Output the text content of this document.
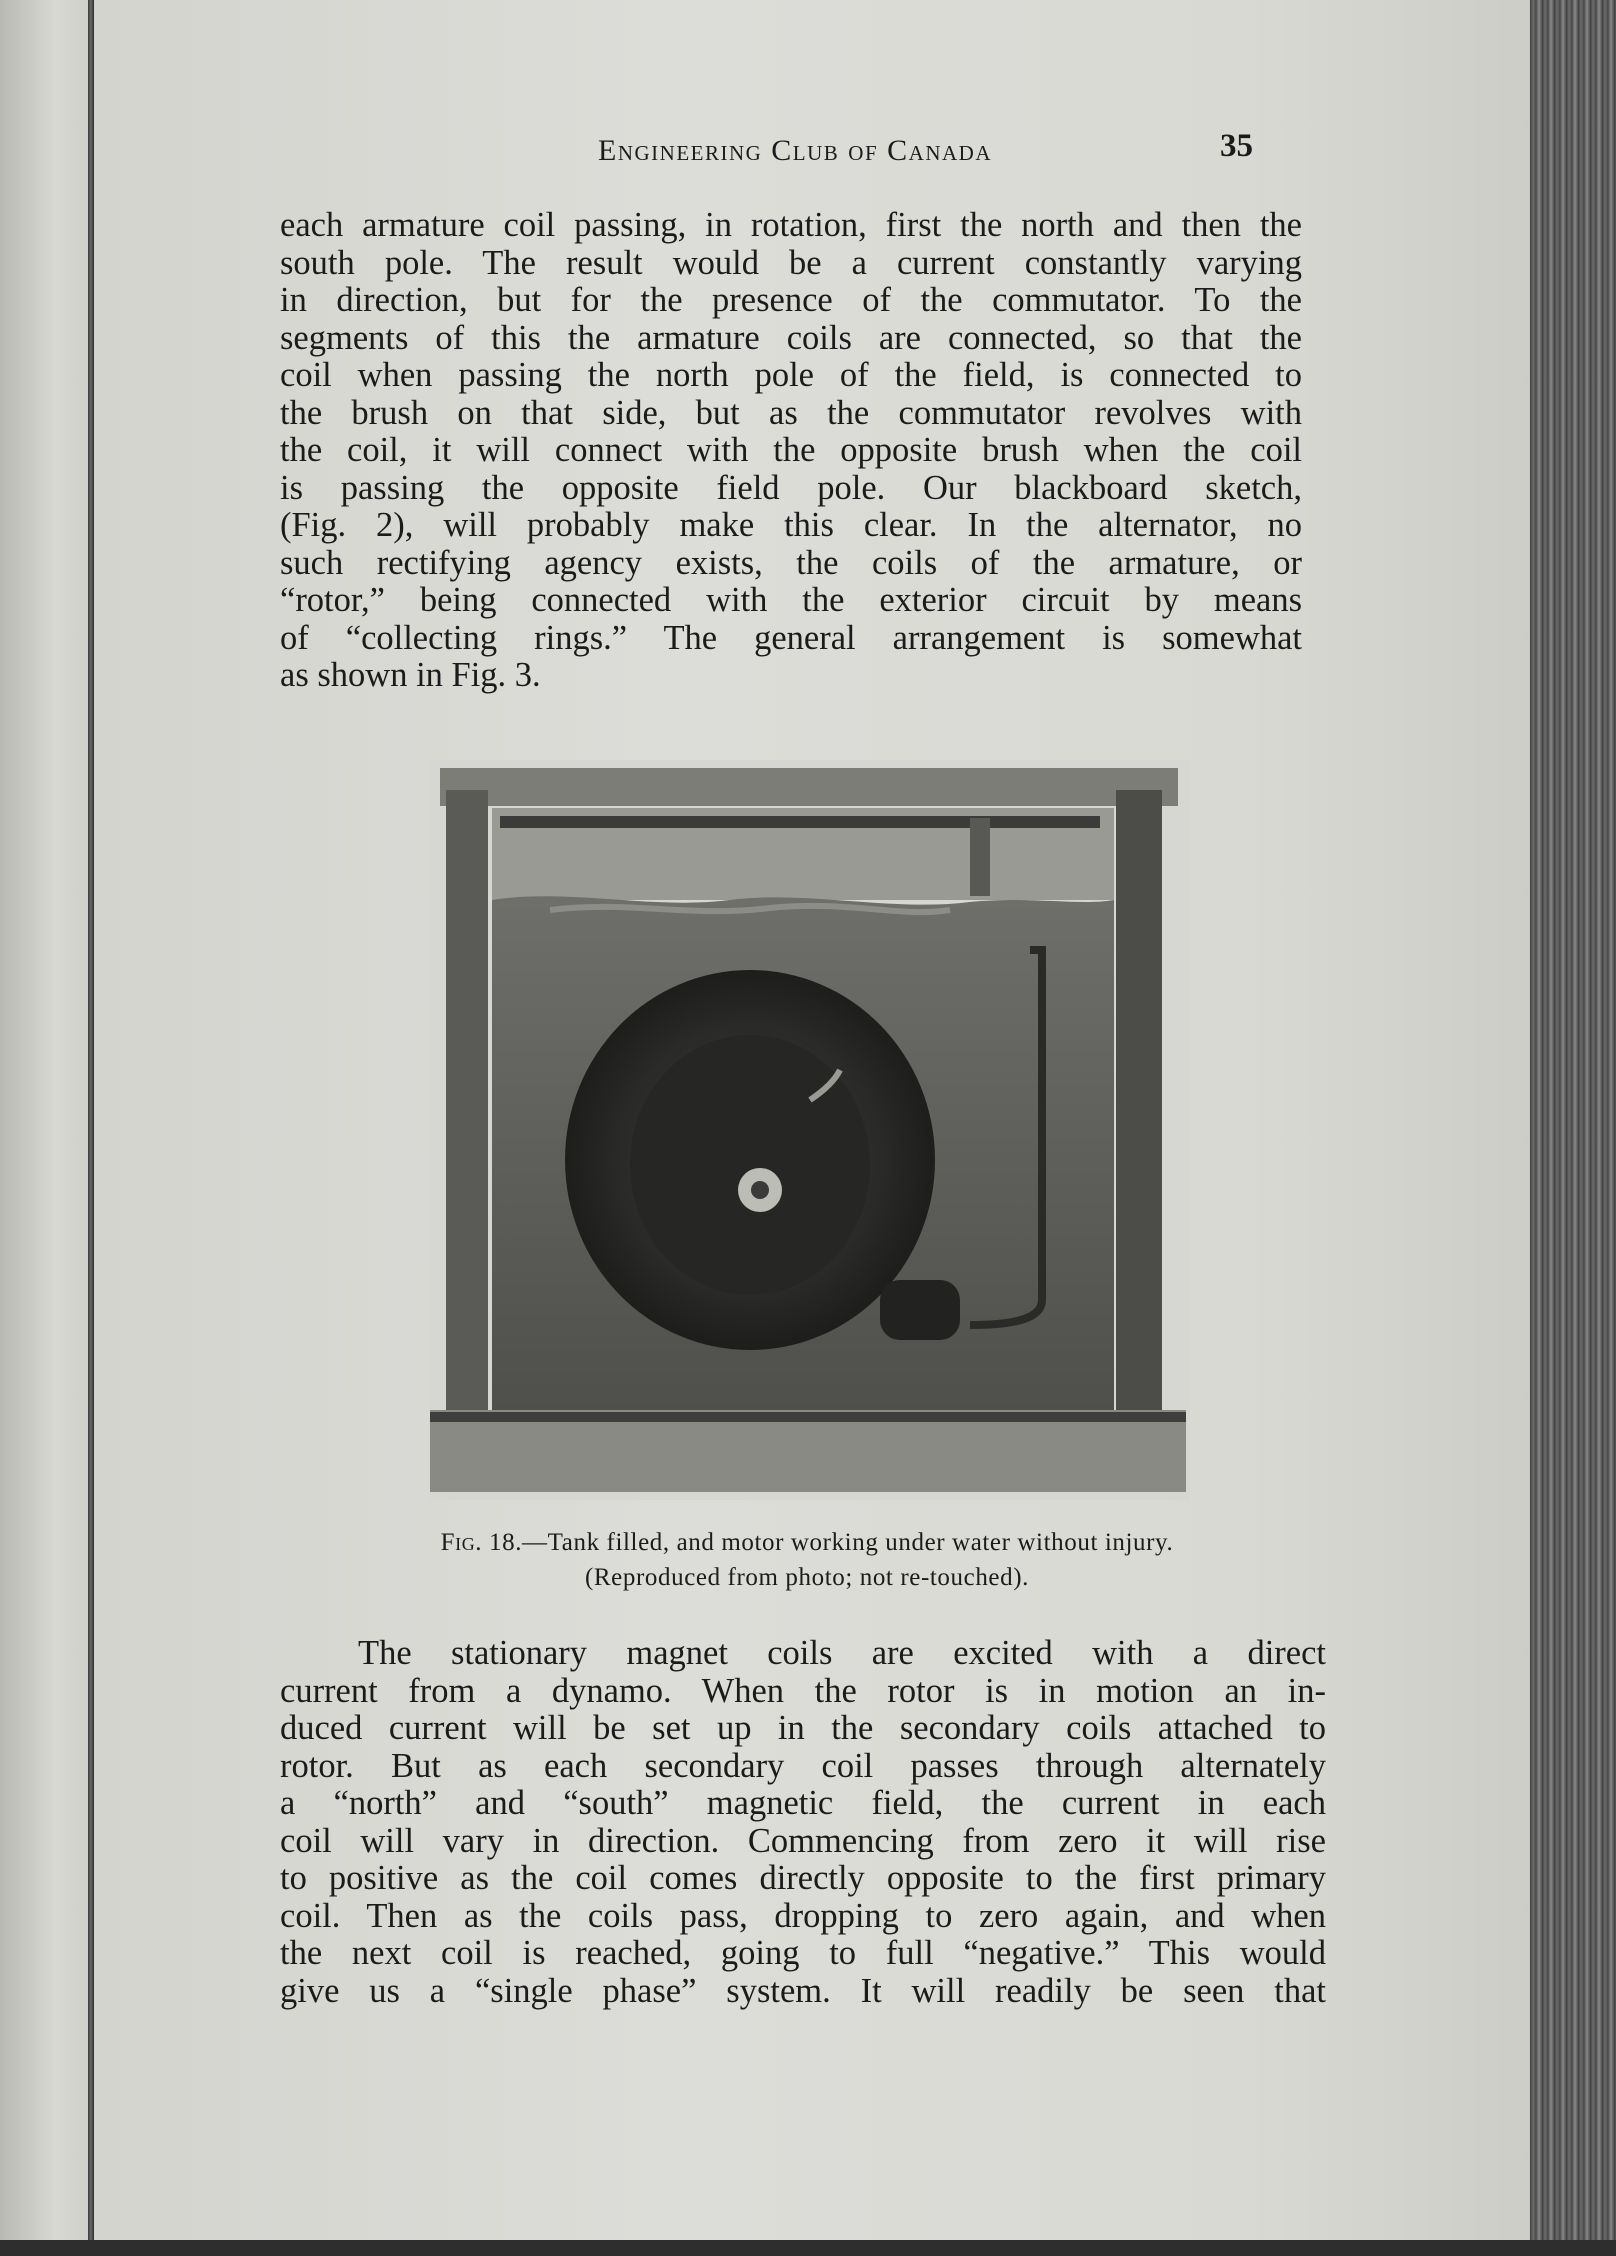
Engineering Club of Canada	35

each armature coil passing, in rotation, first the north and then the
south pole. The result would be a current constantly varying
in direction, but for the presence of the commutator. To the
segments of this the armature coils are connected, so that the
coil when passing the north pole of the field, is connected to
the brush on that side, but as the commutator revolves with
the coil, it will connect with the opposite brush when the coil
is passing the opposite field pole. Our blackboard sketch,
(Fig. 2), will probably make this clear. In the alternator, no
such rectifying agency exists, the coils of the armature, or
“rotor,” being connected with the exterior circuit by means
of “collecting rings.” The general arrangement is somewhat
as shown in Fig. 3.

Fig. 18.—Tank filled, and motor working under water without injury.
(Reproduced from photo; not re-touched).

The stationary magnet coils are excited with a direct
current from a dynamo. When the rotor is in motion an in-
duced current will be set up in the secondary coils attached to
rotor. But as each secondary coil passes through alternately
a “north” and “south” magnetic field, the current in each
coil will vary in direction. Commencing from zero it will rise
to positive as the coil comes directly opposite to the first primary
coil. Then as the coils pass, dropping to zero again, and when
the next coil is reached, going to full “negative.” This would
give us a “single phase” system. It will readily be seen that
